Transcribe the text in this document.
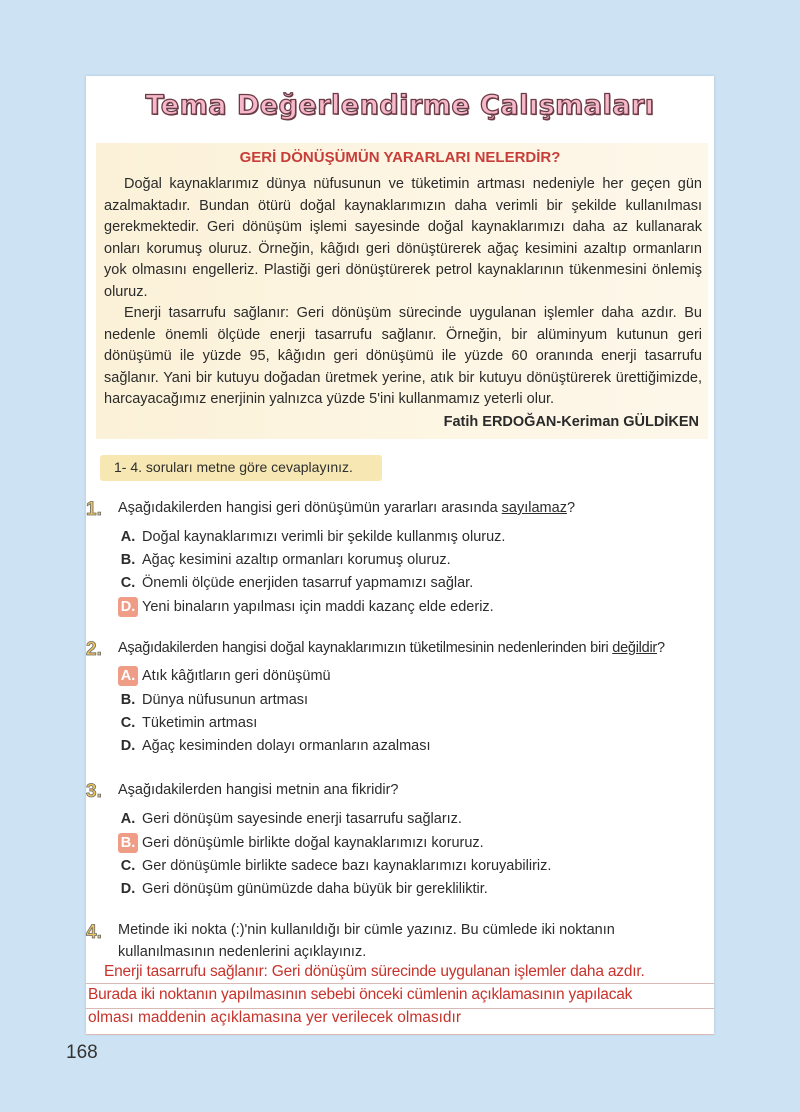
Tema Değerlendirme Çalışmaları
GERİ DÖNÜŞÜMÜN YARARLARI NELERDİR?
Doğal kaynaklarımız dünya nüfusunun ve tüketimin artması nedeniyle her geçen gün azalmaktadır. Bundan ötürü doğal kaynaklarımızın daha verimli bir şekilde kullanılması gerekmektedir. Geri dönüşüm işlemi sayesinde doğal kaynaklarımızı daha az kullanarak onları korumuş oluruz. Örneğin, kâğıdı geri dönüştürerek ağaç kesimini azaltıp ormanların yok olmasını engelleriz. Plastiği geri dönüştürerek petrol kaynaklarının tükenmesini önlemiş oluruz.
Enerji tasarrufu sağlanır: Geri dönüşüm sürecinde uygulanan işlemler daha azdır. Bu nedenle önemli ölçüde enerji tasarrufu sağlanır. Örneğin, bir alüminyum kutunun geri dönüşümü ile yüzde 95, kâğıdın geri dönüşümü ile yüzde 60 oranında enerji tasarrufu sağlanır. Yani bir kutuyu doğadan üretmek yerine, atık bir kutuyu dönüştürerek ürettiğimizde, harcayacağımız enerjinin yalnızca yüzde 5'ini kullanmamız yeterli olur.
Fatih ERDOĞAN-Keriman GÜLDİKEN
1- 4. soruları metne göre cevaplayınız.
1. Aşağıdakilerden hangisi geri dönüşümün yararları arasında sayılamaz?
A. Doğal kaynaklarımızı verimli bir şekilde kullanmış oluruz.
B. Ağaç kesimini azaltıp ormanları korumuş oluruz.
C. Önemli ölçüde enerjiden tasarruf yapmamızı sağlar.
D. Yeni binaların yapılması için maddi kazanç elde ederiz.
2. Aşağıdakilerden hangisi doğal kaynaklarımızın tüketilmesinin nedenlerinden biri değildir?
A. Atık kâğıtların geri dönüşümü
B. Dünya nüfusunun artması
C. Tüketimin artması
D. Ağaç kesiminden dolayı ormanların azalması
3. Aşağıdakilerden hangisi metnin ana fikridir?
A. Geri dönüşüm sayesinde enerji tasarrufu sağlarız.
B. Geri dönüşümle birlikte doğal kaynaklarımızı koruruz.
C. Ger dönüşümle birlikte sadece bazı kaynaklarımızı koruyabiliriz.
D. Geri dönüşüm günümüzde daha büyük bir gerekliliktir.
4. Metinde iki nokta (:)'nin kullanıldığı bir cümle yazınız. Bu cümlede iki noktanın
kullanılmasının nedenlerini açıklayınız.
Enerji tasarrufu sağlanır: Geri dönüşüm sürecinde uygulanan işlemler daha azdır.
Burada iki noktanın yapılmasının sebebi önceki cümlenin açıklamasının yapılacak
olması maddenin açıklamasına yer verilecek olmasıdır
168
